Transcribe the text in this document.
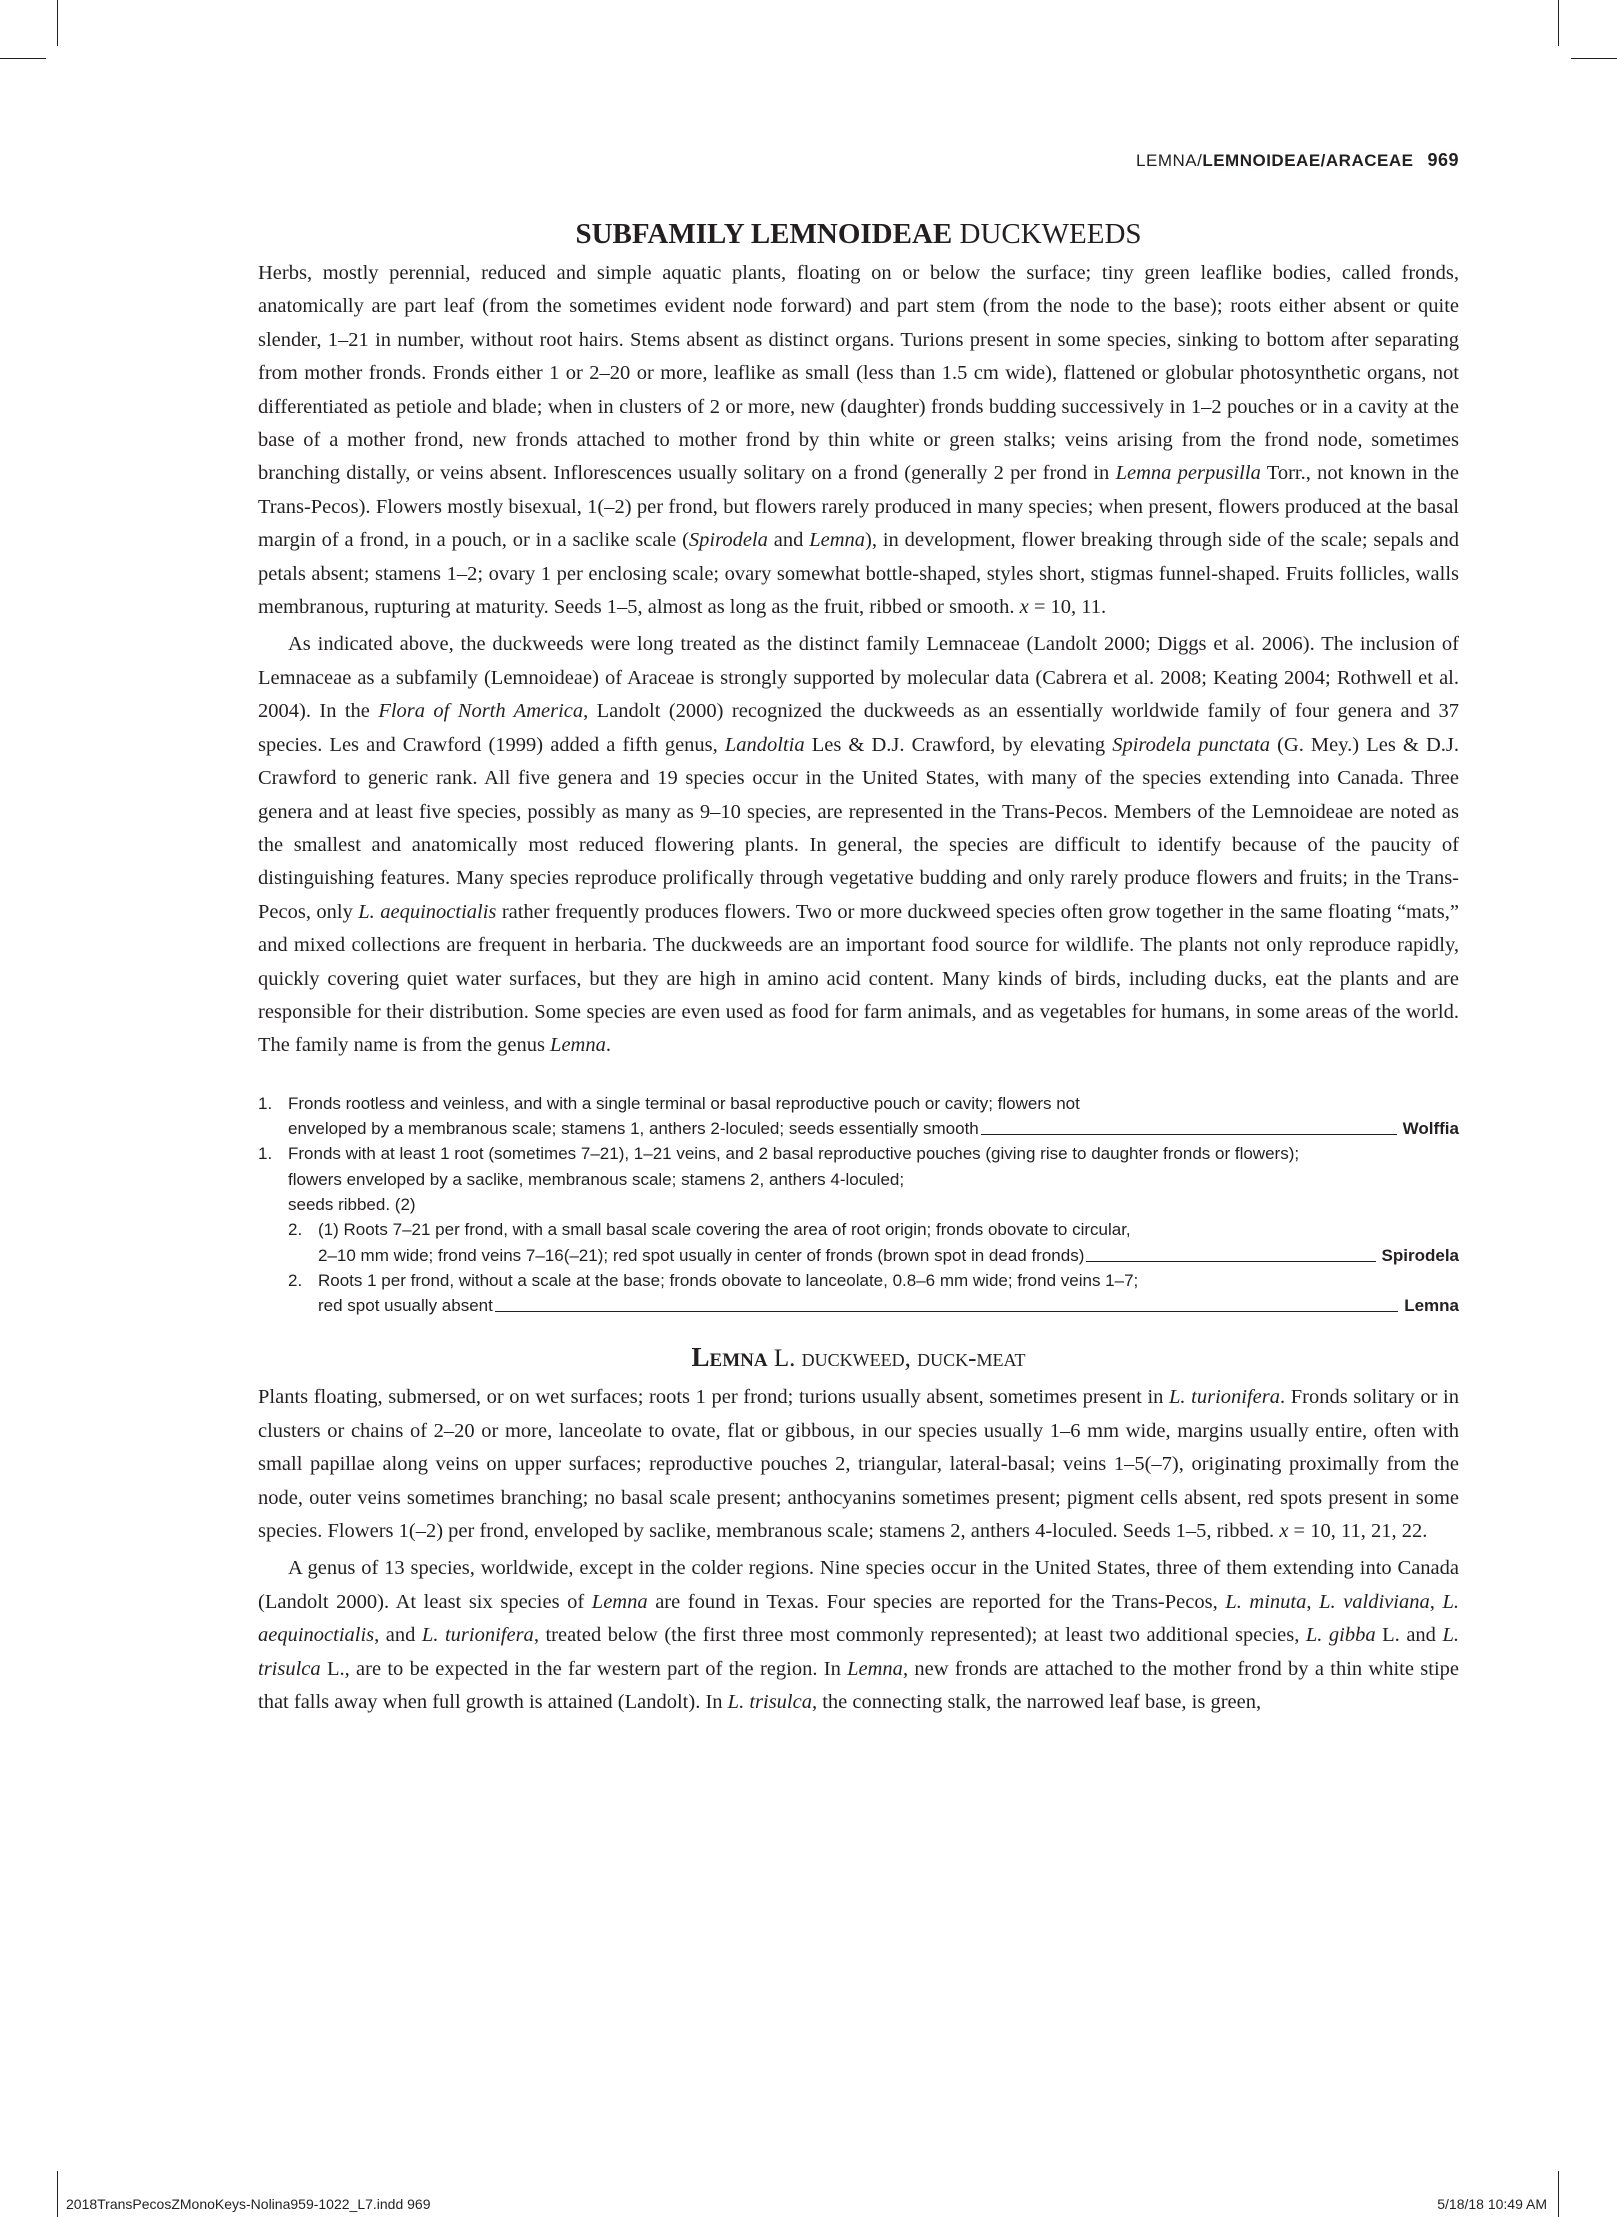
LEMNA/LEMNOIDEAE/ARACEAE 969
SUBFAMILY LEMNOIDEAE DUCKWEEDS

Herbs, mostly perennial, reduced and simple aquatic plants, floating on or below the surface; tiny green leaflike bodies, called fronds, anatomically are part leaf (from the sometimes evident node forward) and part stem (from the node to the base); roots either absent or quite slender, 1–21 in number, without root hairs. Stems absent as distinct organs. Turions present in some species, sinking to bottom after separating from mother fronds. Fronds either 1 or 2–20 or more, leaflike as small (less than 1.5 cm wide), flattened or globular photosynthetic organs, not differentiated as petiole and blade; when in clusters of 2 or more, new (daughter) fronds budding successively in 1–2 pouches or in a cavity at the base of a mother frond, new fronds attached to mother frond by thin white or green stalks; veins arising from the frond node, sometimes branching distally, or veins absent. Inflorescences usually solitary on a frond (generally 2 per frond in Lemna perpusilla Torr., not known in the Trans-Pecos). Flowers mostly bisexual, 1(–2) per frond, but flowers rarely produced in many species; when present, flowers produced at the basal margin of a frond, in a pouch, or in a saclike scale (Spirodela and Lemna), in development, flower breaking through side of the scale; sepals and petals absent; stamens 1–2; ovary 1 per enclosing scale; ovary somewhat bottle-shaped, styles short, stigmas funnel-shaped. Fruits follicles, walls membranous, rupturing at maturity. Seeds 1–5, almost as long as the fruit, ribbed or smooth. x = 10, 11.

As indicated above, the duckweeds were long treated as the distinct family Lemnaceae (Landolt 2000; Diggs et al. 2006). The inclusion of Lemnaceae as a subfamily (Lemnoideae) of Araceae is strongly supported by molecular data (Cabrera et al. 2008; Keating 2004; Rothwell et al. 2004). In the Flora of North America, Landolt (2000) recognized the duckweeds as an essentially worldwide family of four genera and 37 species. Les and Crawford (1999) added a fifth genus, Landoltia Les & D.J. Crawford, by elevating Spirodela punctata (G. Mey.) Les & D.J. Crawford to generic rank. All five genera and 19 species occur in the United States, with many of the species extending into Canada. Three genera and at least five species, possibly as many as 9–10 species, are represented in the Trans-Pecos. Members of the Lemnoideae are noted as the smallest and anatomically most reduced flowering plants. In general, the species are difficult to identify because of the paucity of distinguishing features. Many species reproduce prolifically through vegetative budding and only rarely produce flowers and fruits; in the Trans-Pecos, only L. aequinoctialis rather frequently produces flowers. Two or more duckweed species often grow together in the same floating “mats,” and mixed collections are frequent in herbaria. The duckweeds are an important food source for wildlife. The plants not only reproduce rapidly, quickly covering quiet water surfaces, but they are high in amino acid content. Many kinds of birds, including ducks, eat the plants and are responsible for their distribution. Some species are even used as food for farm animals, and as vegetables for humans, in some areas of the world. The family name is from the genus Lemna.

1. Fronds rootless and veinless, and with a single terminal or basal reproductive pouch or cavity; flowers not
enveloped by a membranous scale; stamens 1, anthers 2-loculed; seeds essentially smooth	Wolffia
1. Fronds with at least 1 root (sometimes 7–21), 1–21 veins, and 2 basal reproductive pouches (giving rise to daughter fronds or flowers); flowers enveloped by a saclike, membranous scale; stamens 2, anthers 4-loculed;
seeds ribbed. (2)
2. (1) Roots 7–21 per frond, with a small basal scale covering the area of root origin; fronds obovate to circular,
2–10 mm wide; frond veins 7–16(–21); red spot usually in center of fronds (brown spot in dead fronds)	Spirodela
2. Roots 1 per frond, without a scale at the base; fronds obovate to lanceolate, 0.8–6 mm wide; frond veins 1–7;
red spot usually absent	Lemna
Lemna L. duckweed, duck-meat

Plants floating, submersed, or on wet surfaces; roots 1 per frond; turions usually absent, sometimes present in L. turionifera. Fronds solitary or in clusters or chains of 2–20 or more, lanceolate to ovate, flat or gibbous, in our species usually 1–6 mm wide, margins usually entire, often with small papillae along veins on upper surfaces; reproductive pouches 2, triangular, lateral-basal; veins 1–5(–7), originating proximally from the node, outer veins sometimes branching; no basal scale present; anthocyanins sometimes present; pigment cells absent, red spots present in some species. Flowers 1(–2) per frond, enveloped by saclike, membranous scale; stamens 2, anthers 4-loculed. Seeds 1–5, ribbed. x = 10, 11, 21, 22.

A genus of 13 species, worldwide, except in the colder regions. Nine species occur in the United States, three of them extending into Canada (Landolt 2000). At least six species of Lemna are found in Texas. Four species are reported for the Trans-Pecos, L. minuta, L. valdiviana, L. aequinoctialis, and L. turionifera, treated below (the first three most commonly represented); at least two additional species, L. gibba L. and L. trisulca L., are to be expected in the far western part of the region. In Lemna, new fronds are attached to the mother frond by a thin white stipe that falls away when full growth is attained (Landolt). In L. trisulca, the connecting stalk, the narrowed leaf base, is green,

2018TransPecosZMonoKeys-Nolina959-1022_L7.indd 969	5/18/18 10:49 AM
